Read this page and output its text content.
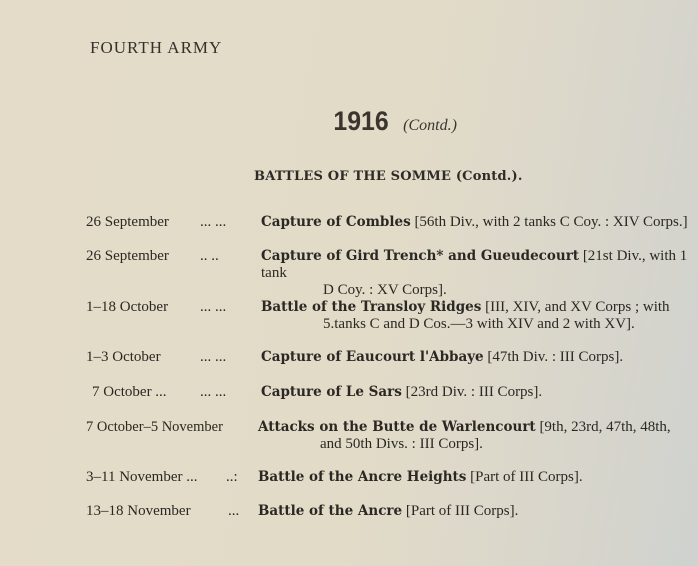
FOURTH ARMY
1916 (Contd.)
BATTLES OF THE SOMME (Contd.).
26 September ... ...	Capture of Combles [56th Div., with 2 tanks C Coy. : XIV Corps.]
26 September .. ..	Capture of Gird Trench* and Gueudecourt [21st Div., with 1 tank
D Coy. : XV Corps].
1–18 October ... ...	Battle of the Transloy Ridges [III, XIV, and XV Corps ; with
5.tanks C and D Cos.—3 with XIV and 2 with XV].
1–3 October	... ...	Capture of Eaucourt l'Abbaye [47th Div. : III Corps].
7 October ... ... ...	Capture of Le Sars [23rd Div. : III Corps].
7 October–5 November	Attacks on the Butte de Warlencourt [9th, 23rd, 47th, 48th,
and 50th Divs. : III Corps].
3–11 November ... ..: Battle of the Ancre Heights [Part of III Corps].
13–18 November ... Battle of the Ancre [Part of III Corps].
